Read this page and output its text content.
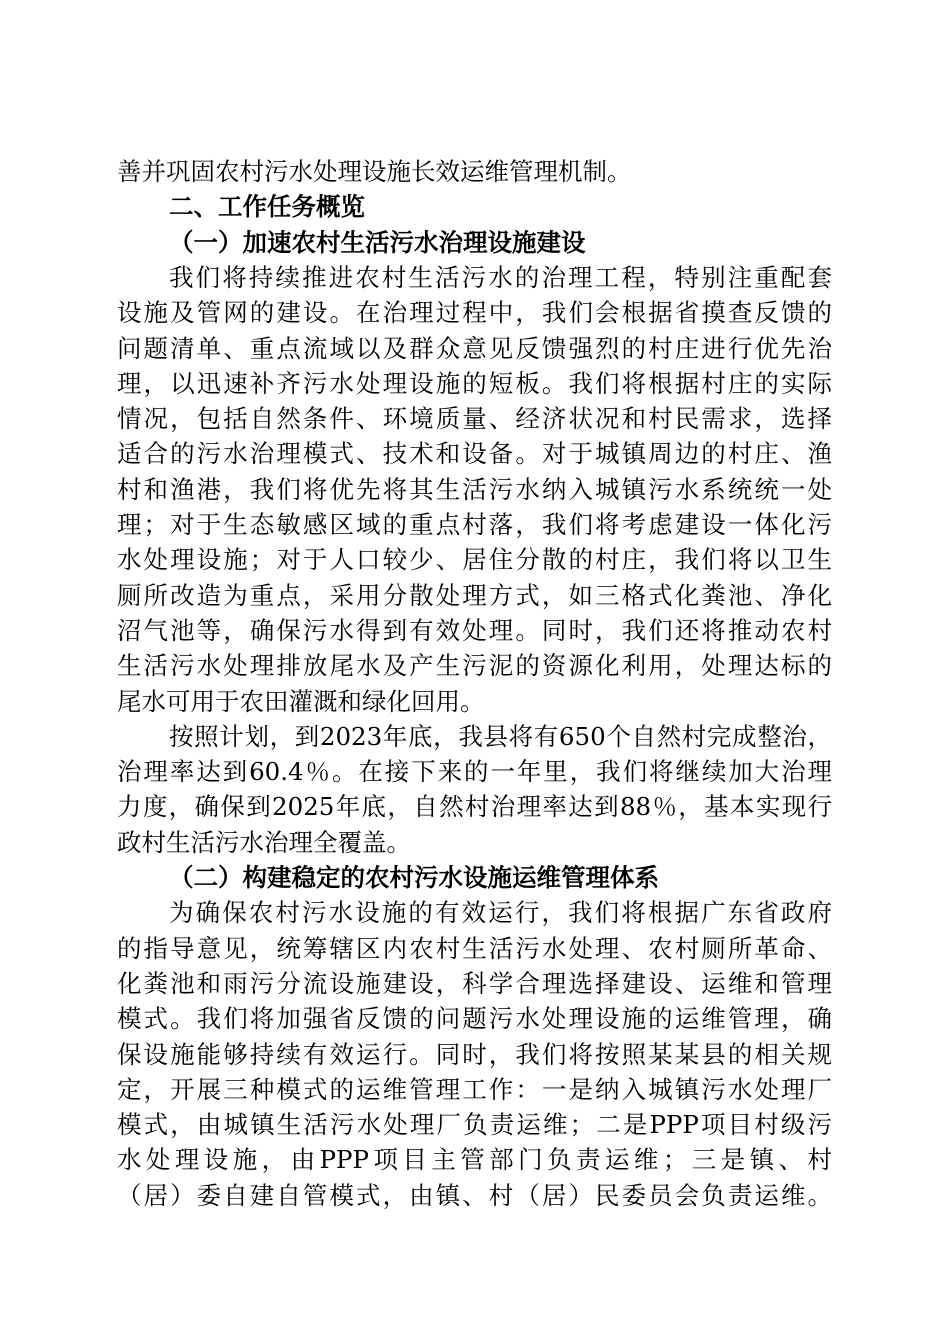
善并巩固农村污水处理设施长效运维管理机制。
二、工作任务概览
（一）加速农村生活污水治理设施建设
我们将持续推进农村生活污水的治理工程，特别注重配套
设施及管网的建设。在治理过程中，我们会根据省摸查反馈的
问题清单、重点流域以及群众意见反馈强烈的村庄进行优先治
理，以迅速补齐污水处理设施的短板。我们将根据村庄的实际
情况，包括自然条件、环境质量、经济状况和村民需求，选择
适合的污水治理模式、技术和设备。对于城镇周边的村庄、渔
村和渔港，我们将优先将其生活污水纳入城镇污水系统统一处
理；对于生态敏感区域的重点村落，我们将考虑建设一体化污
水处理设施；对于人口较少、居住分散的村庄，我们将以卫生
厕所改造为重点，采用分散处理方式，如三格式化粪池、净化
沼气池等，确保污水得到有效处理。同时，我们还将推动农村
生活污水处理排放尾水及产生污泥的资源化利用，处理达标的
尾水可用于农田灌溉和绿化回用。
按照计划，到2023年底，我县将有650个自然村完成整治，
治理率达到60.4％。在接下来的一年里，我们将继续加大治理
力度，确保到2025年底，自然村治理率达到88％，基本实现行
政村生活污水治理全覆盖。
（二）构建稳定的农村污水设施运维管理体系
为确保农村污水设施的有效运行，我们将根据广东省政府
的指导意见，统筹辖区内农村生活污水处理、农村厕所革命、
化粪池和雨污分流设施建设，科学合理选择建设、运维和管理
模式。我们将加强省反馈的问题污水处理设施的运维管理，确
保设施能够持续有效运行。同时，我们将按照某某县的相关规
定，开展三种模式的运维管理工作：一是纳入城镇污水处理厂
模式，由城镇生活污水处理厂负责运维；二是PPP项目村级污
水处理设施，由PPP项目主管部门负责运维；三是镇、村
（居）委自建自管模式，由镇、村（居）民委员会负责运维。
